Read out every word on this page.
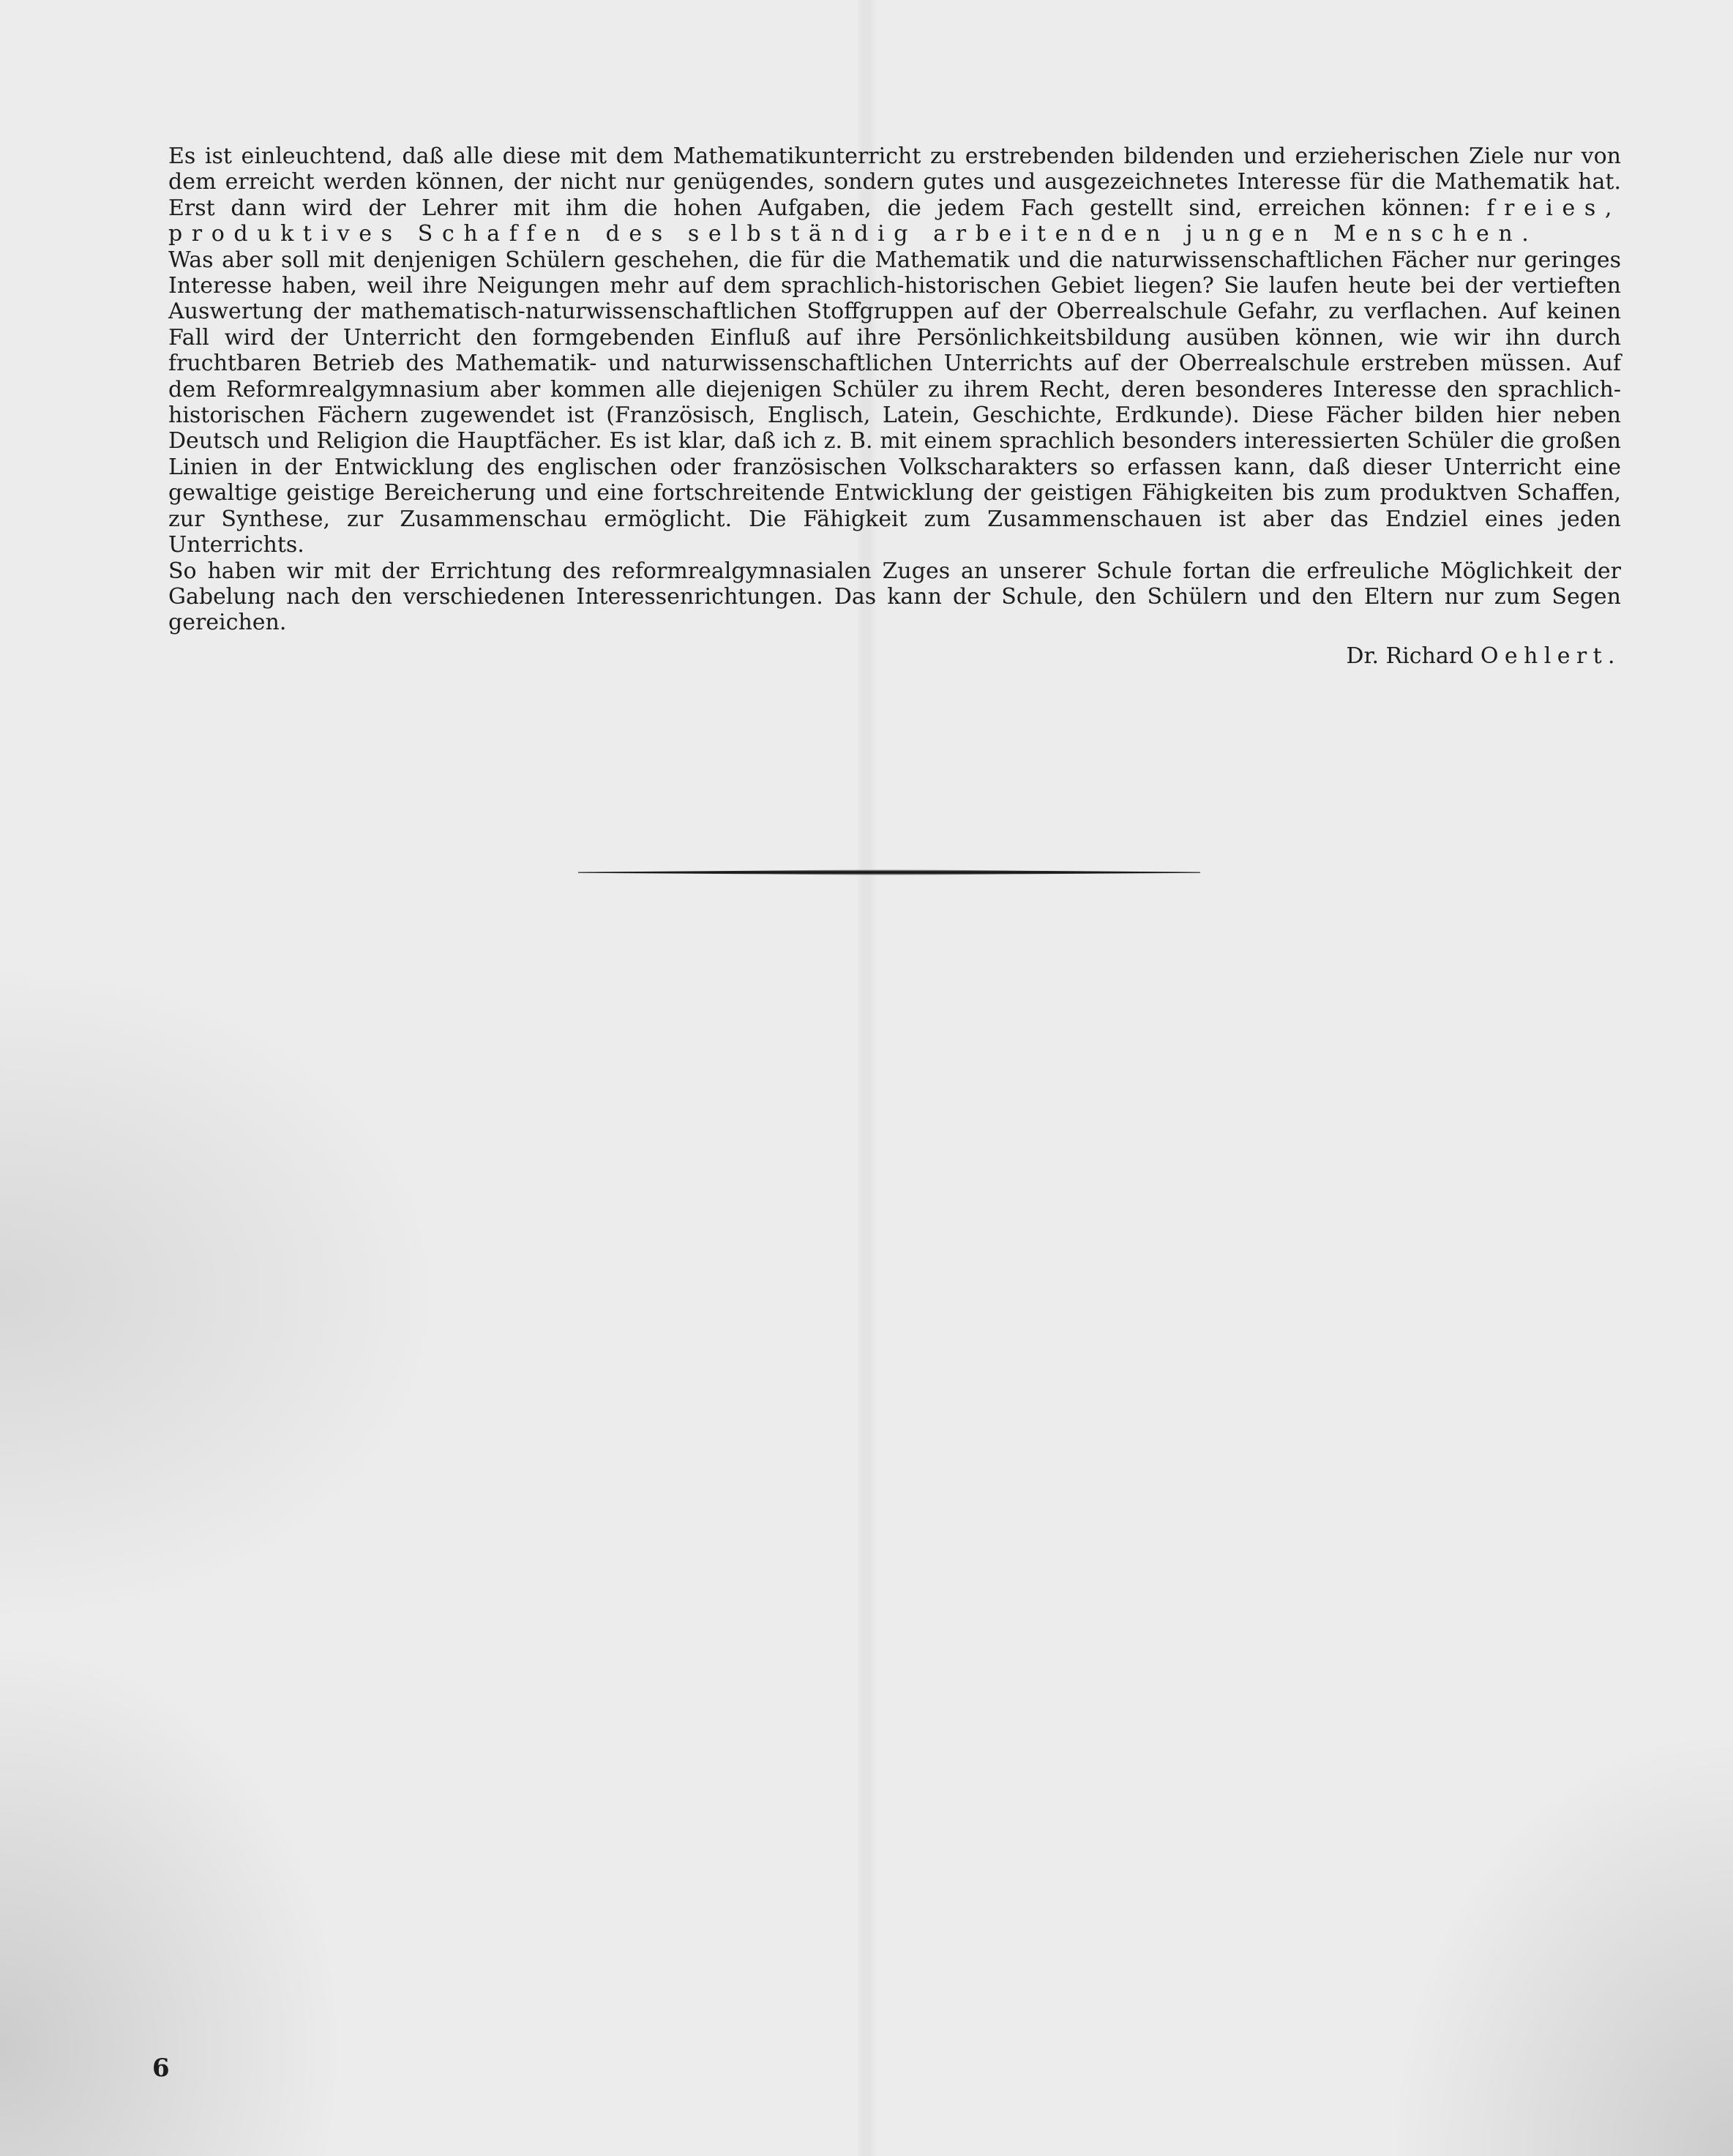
Es ist einleuchtend, daß alle diese mit dem Mathematikunterricht zu erstrebenden bildenden und erzieherischen Ziele nur von dem erreicht werden können, der nicht nur genügendes, sondern gutes und ausgezeichnetes Interesse für die Mathematik hat. Erst dann wird der Lehrer mit ihm die hohen Aufgaben, die jedem Fach gestellt sind, erreichen können: freies, produktives Schaffen des selbständig arbeitenden jungen Menschen.

Was aber soll mit denjenigen Schülern geschehen, die für die Mathematik und die naturwissenschaftlichen Fächer nur geringes Interesse haben, weil ihre Neigungen mehr auf dem sprachlich-historischen Gebiet liegen? Sie laufen heute bei der vertieften Auswertung der mathematisch-naturwissenschaftlichen Stoffgruppen auf der Oberrealschule Gefahr, zu verflachen. Auf keinen Fall wird der Unterricht den formgebenden Einfluß auf ihre Persönlichkeitsbildung ausüben können, wie wir ihn durch fruchtbaren Betrieb des Mathematik- und naturwissenschaftlichen Unterrichts auf der Oberrealschule erstreben müssen. Auf dem Reformrealgymnasium aber kommen alle diejenigen Schüler zu ihrem Recht, deren besonderes Interesse den sprachlich-historischen Fächern zugewendet ist (Französisch, Englisch, Latein, Geschichte, Erdkunde). Diese Fächer bilden hier neben Deutsch und Religion die Hauptfächer. Es ist klar, daß ich z. B. mit einem sprachlich besonders interessierten Schüler die großen Linien in der Entwicklung des englischen oder französischen Volkscharakters so erfassen kann, daß dieser Unterricht eine gewaltige geistige Bereicherung und eine fortschreitende Entwicklung der geistigen Fähigkeiten bis zum produktven Schaffen, zur Synthese, zur Zusammenschau ermöglicht. Die Fähigkeit zum Zusammenschauen ist aber das Endziel eines jeden Unterrichts.

So haben wir mit der Errichtung des reformrealgymnasialen Zuges an unserer Schule fortan die erfreuliche Möglichkeit der Gabelung nach den verschiedenen Interessenrichtungen. Das kann der Schule, den Schülern und den Eltern nur zum Segen gereichen.

Dr. Richard Oehlert.

6
